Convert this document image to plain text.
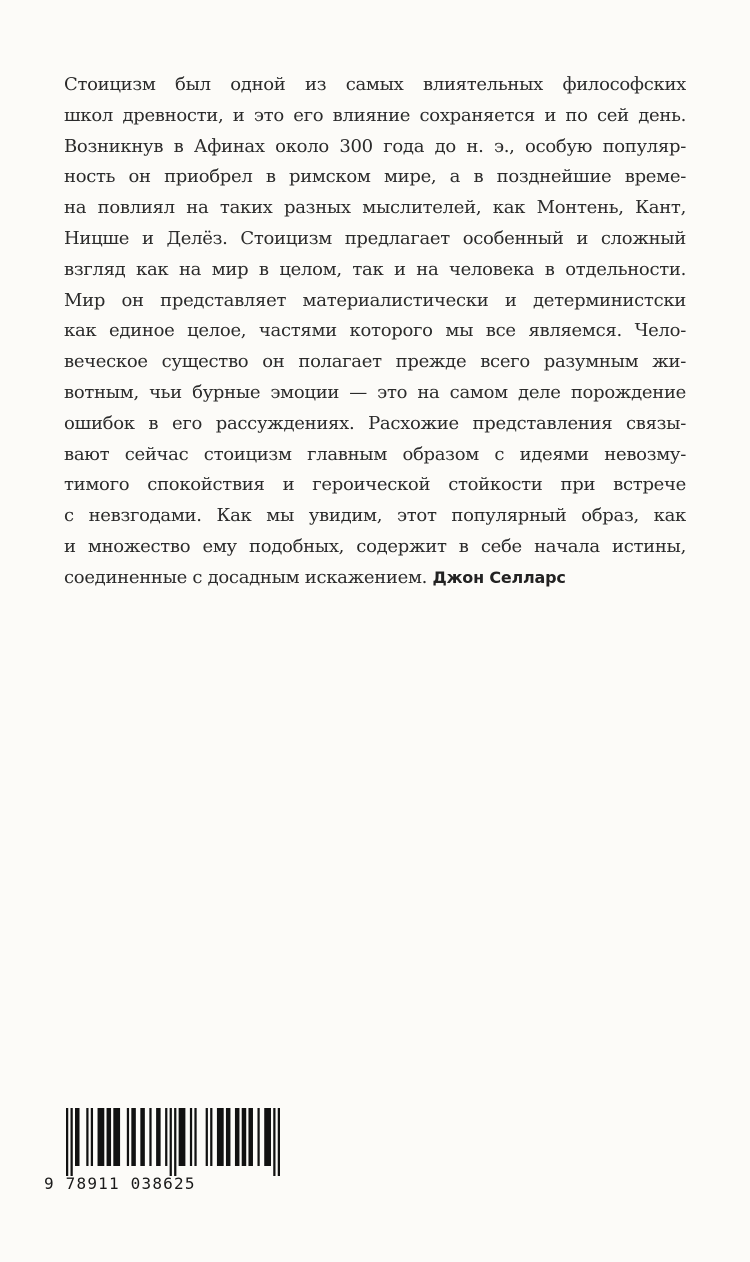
Стоицизм был одной из самых влиятельных философских
школ древности, и это его влияние сохраняется и по сей день.
Возникнув в Афинах около 300 года до н. э., особую популяр-
ность он приобрел в римском мире, а в позднейшие време-
на повлиял на таких разных мыслителей, как Монтень, Кант,
Ницше и Делёз. Стоицизм предлагает особенный и сложный
взгляд как на мир в целом, так и на человека в отдельности.
Мир он представляет материалистически и детерминистски
как единое целое, частями которого мы все являемся. Чело-
веческое существо он полагает прежде всего разумным жи-
вотным, чьи бурные эмоции — это на самом деле порождение
ошибок в его рассуждениях. Расхожие представления связы-
вают сейчас стоицизм главным образом с идеями невозму-
тимого спокойствия и героической стойкости при встрече
с невзгодами. Как мы увидим, этот популярный образ, как
и множество ему подобных, содержит в себе начала истины,
соединенные с досадным искажением. Джон Селларс
9 78911 038625
